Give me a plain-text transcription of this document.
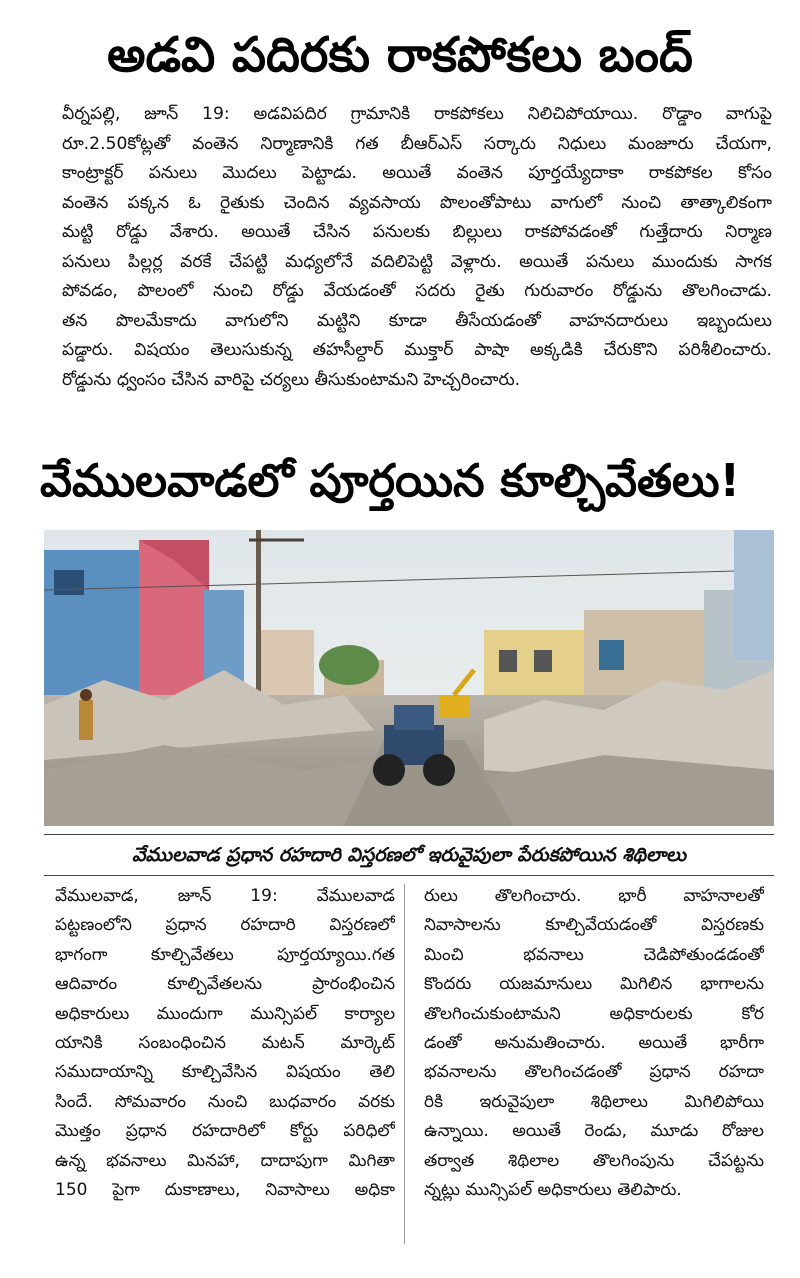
అడవి పదిరకు రాకపోకలు బంద్

వీర్నపల్లి, జూన్ 19: అడవిపదిర గ్రామానికి రాకపోకలు నిలిచిపోయాయి. రొడ్డాం వాగుపై

రూ.2.50కోట్లతో వంతెన నిర్మాణానికి గత బీఆర్ఎస్ సర్కారు నిధులు మంజూరు చేయగా,

కాంట్రాక్టర్ పనులు మొదలు పెట్టాడు. అయితే వంతెన పూర్తయ్యేదాకా రాకపోకల కోసం

వంతెన పక్కన ఓ రైతుకు చెందిన వ్యవసాయ పొలంతోపాటు వాగులో నుంచి తాత్కాలికంగా

మట్టి రోడ్డు వేశారు. అయితే చేసిన పనులకు బిల్లులు రాకపోవడంతో గుత్తేదారు నిర్మాణ

పనులు పిల్లర్ల వరకే చేపట్టి మధ్యలోనే వదిలిపెట్టి వెళ్లారు. అయితే పనులు ముందుకు సాగక

పోవడం, పొలంలో నుంచి రోడ్డు వేయడంతో సదరు రైతు గురువారం రోడ్డును తొలగించాడు.

తన పొలమేకాదు వాగులోని మట్టిని కూడా తీసేయడంతో వాహనదారులు ఇబ్బందులు

పడ్డారు. విషయం తెలుసుకున్న తహసీల్దార్ ముక్తార్ పాషా అక్కడికి చేరుకొని పరిశీలించారు.

రోడ్డును ధ్వంసం చేసిన వారిపై చర్యలు తీసుకుంటామని హెచ్చరించారు.

వేములవాడలో పూర్తయిన కూల్చివేతలు!
వేములవాడ ప్రధాన రహదారి విస్తరణలో ఇరువైపులా పేరుకపోయిన శిథిలాలు

వేములవాడ, జూన్ 19: వేములవాడ

పట్టణంలోని ప్రధాన రహదారి విస్తరణలో

భాగంగా కూల్చివేతలు పూర్తయ్యాయి.గత

ఆదివారం కూల్చివేతలను ప్రారంభించిన

అధికారులు ముందుగా మున్సిపల్ కార్యాల

యానికి సంబంధించిన మటన్ మార్కెట్

సముదాయాన్ని కూల్చివేసిన విషయం తెలి

సిందే. సోమవారం నుంచి బుధవారం వరకు

మొత్తం ప్రధాన రహదారిలో కోర్టు పరిధిలో

ఉన్న భవనాలు మినహా, దాదాపుగా మిగితా

150 పైగా దుకాణాలు, నివాసాలు అధికా

రులు తొలగించారు. భారీ వాహనాలతో

నివాసాలను కూల్చివేయడంతో విస్తరణకు

మించి భవనాలు చెడిపోతుండడంతో

కొందరు యజమానులు మిగిలిన భాగాలను

తొలగించుకుంటామని అధికారులకు కోర

డంతో అనుమతించారు. అయితే భారీగా

భవనాలను తొలగించడంతో ప్రధాన రహదా

రికి ఇరువైపులా శిథిలాలు మిగిలిపోయి

ఉన్నాయి. అయితే రెండు, మూడు రోజుల

తర్వాత శిథిలాల తొలగింపును చేపట్టను

న్నట్లు మున్సిపల్ అధికారులు తెలిపారు.
